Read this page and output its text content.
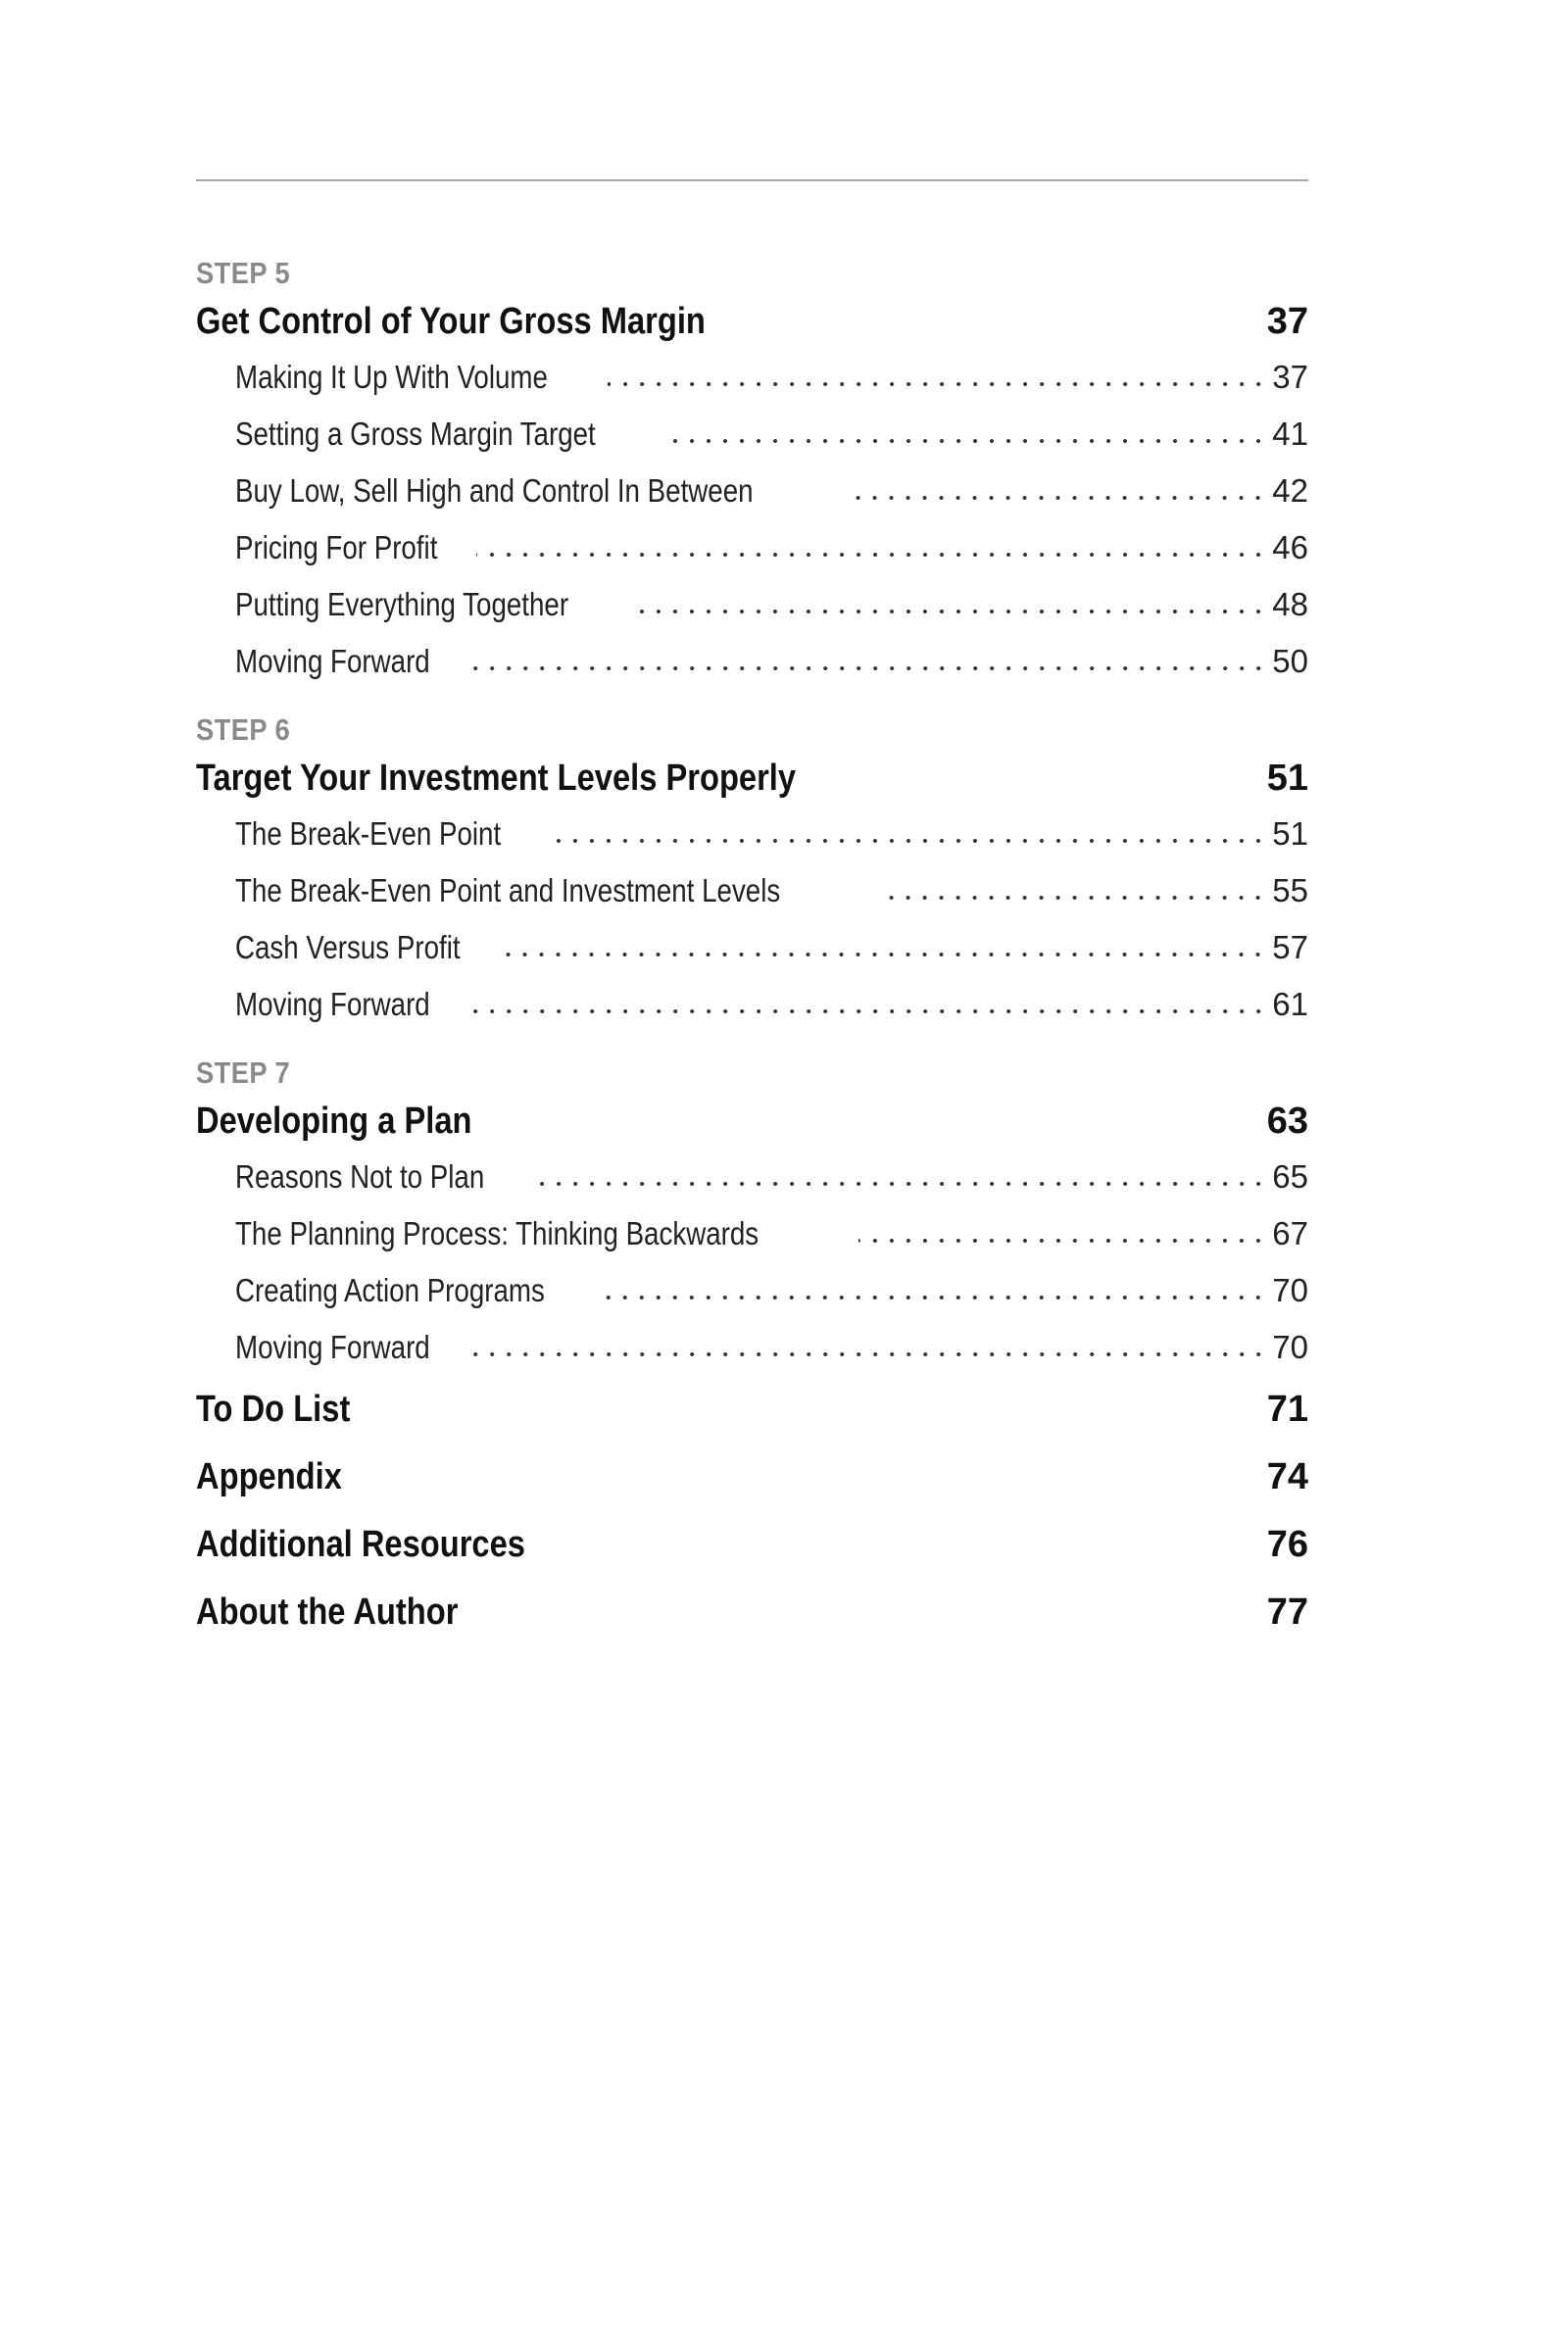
STEP 5
Get Control of Your Gross Margin	37
Making It Up With Volume	37
Setting a Gross Margin Target	41
Buy Low, Sell High and Control In Between	42
Pricing For Profit	46
Putting Everything Together	48
Moving Forward	50
STEP 6
Target Your Investment Levels Properly	51
The Break-Even Point	51
The Break-Even Point and Investment Levels	55
Cash Versus Profit	57
Moving Forward	61
STEP 7
Developing a Plan	63
Reasons Not to Plan	65
The Planning Process: Thinking Backwards	67
Creating Action Programs	70
Moving Forward	70
To Do List	71
Appendix	74
Additional Resources	76
About the Author	77
